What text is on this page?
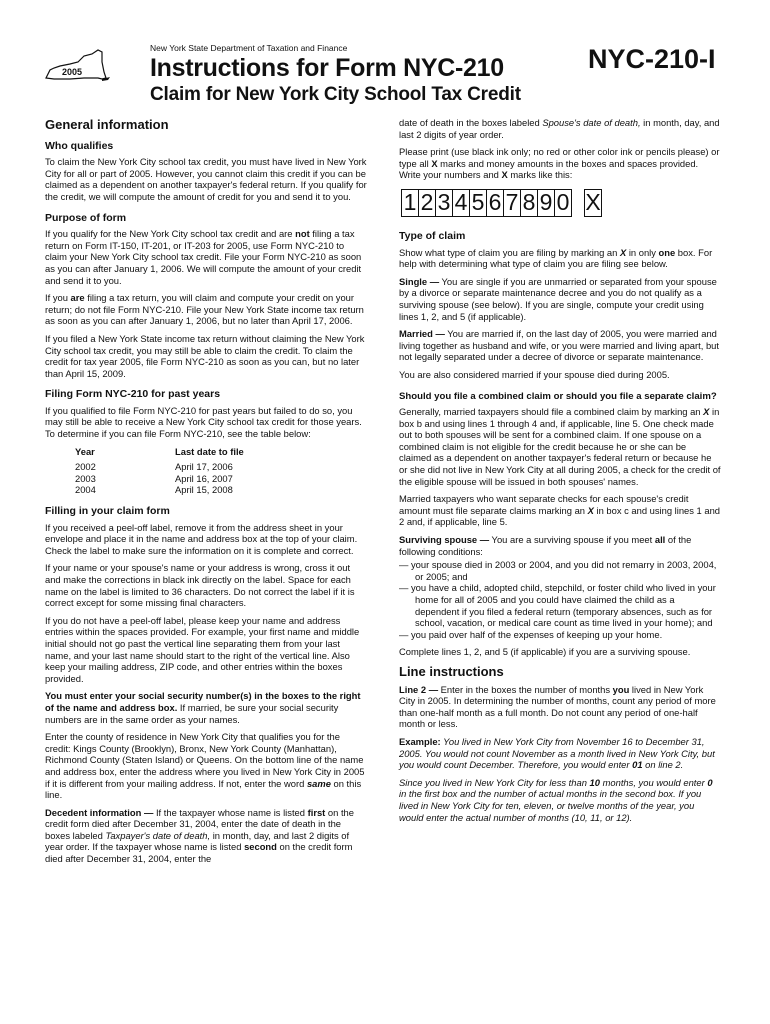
New York State Department of Taxation and Finance
2005	Instructions for Form NYC-210	NYC-210-I
Claim for New York City School Tax Credit
General information
Who qualifies

To claim the New York City school tax credit, you must have lived in New York City for all or part of 2005. However, you cannot claim this credit if you can be claimed as a dependent on another taxpayer's federal return. If you qualify for the credit, we will compute the amount of credit for you and send it to you.

Purpose of form

If you qualify for the New York City school tax credit and are not filing a tax return on Form IT-150, IT-201, or IT-203 for 2005, use Form NYC-210 to claim your New York City school tax credit. File your Form NYC-210 as soon as you can after January 1, 2006. We will compute the amount of your credit and send it to you.

If you are filing a tax return, you will claim and compute your credit on your return; do not file Form NYC-210. File your New York State income tax return as soon as you can after January 1, 2006, but no later than April 17, 2006.

If you filed a New York State income tax return without claiming the New York City school tax credit, you may still be able to claim the credit. To claim the credit for tax year 2005, file Form NYC-210 as soon as you can, but no later than April 15, 2009.

Filing Form NYC-210 for past years

If you qualified to file Form NYC-210 for past years but failed to do so, you may still be able to receive a New York City school tax credit for those years. To determine if you can file Form NYC-210, see the table below:

Year	Last date to file
2002	April 17, 2006
2003	April 16, 2007
2004	April 15, 2008
Filling in your claim form

If you received a peel-off label, remove it from the address sheet in your envelope and place it in the name and address box at the top of your claim. Check the label to make sure the information on it is complete and correct.

If your name or your spouse's name or your address is wrong, cross it out and make the corrections in black ink directly on the label. Space for each name on the label is limited to 36 characters. Do not correct the label if it is correct except for some missing final characters.

If you do not have a peel-off label, please keep your name and address entries within the spaces provided. For example, your first name and middle initial should not go past the vertical line separating them from your last name, and your last name should start to the right of the vertical line. Also keep your mailing address, ZIP code, and other entries within the boxes provided.

You must enter your social security number(s) in the boxes to the right of the name and address box. If married, be sure your social security numbers are in the same order as your names.

Enter the county of residence in New York City that qualifies you for the credit: Kings County (Brooklyn), Bronx, New York County (Manhattan), Richmond County (Staten Island) or Queens. On the bottom line of the name and address box, enter the address where you lived in New York City in 2005 if it is different from your mailing address. If not, enter the word same on this line.

Decedent information — If the taxpayer whose name is listed first on the credit form died after December 31, 2004, enter the date of death in the boxes labeled Taxpayer's date of death, in month, day, and last 2 digits of year order. If the taxpayer whose name is listed second on the credit form died after December 31, 2004, enter the

date of death in the boxes labeled Spouse's date of death, in month, day, and last 2 digits of year order.

Please print (use black ink only; no red or other color ink or pencils please) or type all X marks and money amounts in the boxes and spaces provided. Write your numbers and X marks like this:

1 2 3 4 5 6 7 8 9 0 X
Type of claim

Show what type of claim you are filing by marking an X in only one box. For help with determining what type of claim you are filing see below.

Single — You are single if you are unmarried or separated from your spouse by a divorce or separate maintenance decree and you do not qualify as a surviving spouse (see below). If you are single, compute your credit using lines 1, 2, and 5 (if applicable).

Married — You are married if, on the last day of 2005, you were married and living together as husband and wife, or you were married and living apart, but not legally separated under a decree of divorce or separate maintenance.

You are also considered married if your spouse died during 2005.

Should you file a combined claim or should you file a separate claim?

Generally, married taxpayers should file a combined claim by marking an X in box b and using lines 1 through 4 and, if applicable, line 5. One check made out to both spouses will be sent for a combined claim. If one spouse on a combined claim is not eligible for the credit because he or she can be claimed as a dependent on another taxpayer's federal return or because he or she did not live in New York City at all during 2005, a check for the credit of the eligible spouse will be issued in both spouses' names.

Married taxpayers who want separate checks for each spouse's credit amount must file separate claims marking an X in box c and using lines 1 and 2 and, if applicable, line 5.

Surviving spouse — You are a surviving spouse if you meet all of the following conditions:

— your spouse died in 2003 or 2004, and you did not remarry in 2003, 2004, or 2005; and
— you have a child, adopted child, stepchild, or foster child who lived in your home for all of 2005 and you could have claimed the child as a dependent if you filed a federal return (temporary absences, such as for school, vacation, or medical care count as time lived in your home); and
— you paid over half of the expenses of keeping up your home.

Complete lines 1, 2, and 5 (if applicable) if you are a surviving spouse.

Line instructions

Line 2 — Enter in the boxes the number of months you lived in New York City in 2005. In determining the number of months, count any period of more than one-half month as a full month. Do not count any period of one-half month or less.

Example: You lived in New York City from November 16 to December 31, 2005. You would not count November as a month lived in New York City, but you would count December. Therefore, you would enter 01 on line 2.

Since you lived in New York City for less than 10 months, you would enter 0 in the first box and the number of actual months in the second box. If you lived in New York City for ten, eleven, or twelve months of the year, you would enter the actual number of months (10, 11, or 12).
